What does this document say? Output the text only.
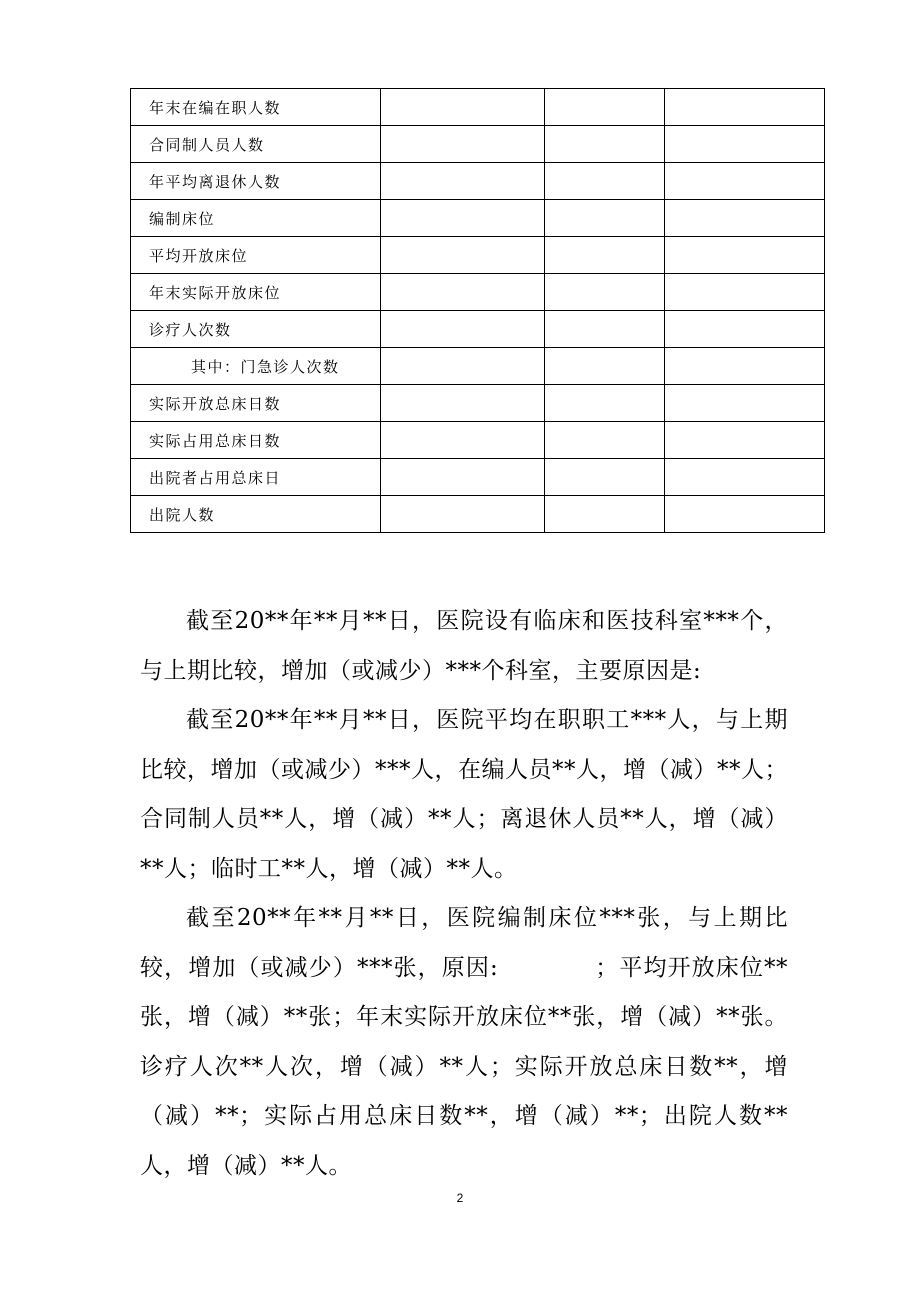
年末在编在职人数			
合同制人员人数			
年平均离退休人数			
编制床位			
平均开放床位			
年末实际开放床位			
诊疗人次数			
其中：门急诊人次数			
实际开放总床日数			
实际占用总床日数			
出院者占用总床日			
出院人数			

截至20**年**月**日，医院设有临床和医技科室***个，与上期比较，增加（或减少）***个科室，主要原因是:

截至20**年**月**日，医院平均在职职工***人，与上期比较，增加（或减少）***人，在编人员**人，增（减）**人；合同制人员**人，增（减）**人；离退休人员**人，增（减）**人；临时工**人，增（减）**人。

截至20**年**月**日，医院编制床位***张，与上期比较，增加（或减少）***张，原因:　　　　；平均开放床位**张，增（减）**张；年末实际开放床位**张，增（减）**张。诊疗人次**人次，增（减）**人；实际开放总床日数**，增（减）**；实际占用总床日数**，增（减）**；出院人数**人，增（减）**人。

2
